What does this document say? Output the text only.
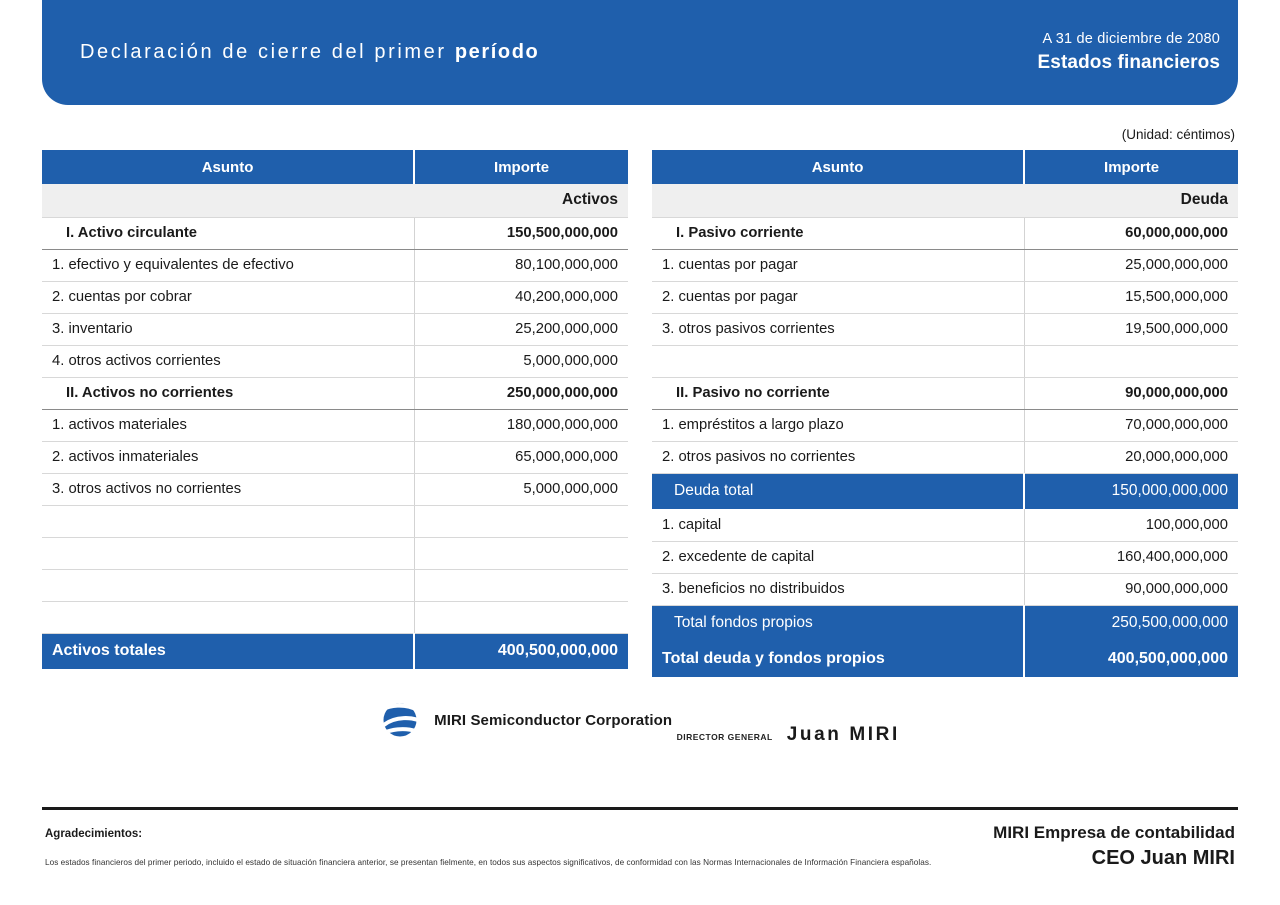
Declaración de cierre del primer período
A 31 de diciembre de 2080
Estados financieros
(Unidad: céntimos)
Asunto	Importe
Activos	
I. Activo circulante	150,500,000,000
1. efectivo y equivalentes de efectivo	80,100,000,000
2. cuentas por cobrar	40,200,000,000
3. inventario	25,200,000,000
4. otros activos corrientes	5,000,000,000
II. Activos no corrientes	250,000,000,000
1. activos materiales	180,000,000,000
2. activos inmateriales	65,000,000,000
3. otros activos no corrientes	5,000,000,000

Activos totales	400,500,000,000
Asunto	Importe
Deuda	
I. Pasivo corriente	60,000,000,000
1. cuentas por pagar	25,000,000,000
2. cuentas por pagar	15,500,000,000
3. otros pasivos corrientes	19,500,000,000

II. Pasivo no corriente	90,000,000,000
1. empréstitos a largo plazo	70,000,000,000
2. otros pasivos no corrientes	20,000,000,000
Deuda total	150,000,000,000
1. capital	100,000,000
2. excedente de capital	160,400,000,000
3. beneficios no distribuidos	90,000,000,000
Total fondos propios	250,500,000,000
Total deuda y fondos propios	400,500,000,000
MIRI Semiconductor Corporation

DIRECTOR GENERAL Juan MIRI
Agradecimientos:
Los estados financieros del primer periodo, incluido el estado de situación financiera anterior, se presentan fielmente, en todos sus aspectos significativos, de conformidad con las Normas Internacionales de Información Financiera españolas.
MIRI Empresa de contabilidad
CEO Juan MIRI
